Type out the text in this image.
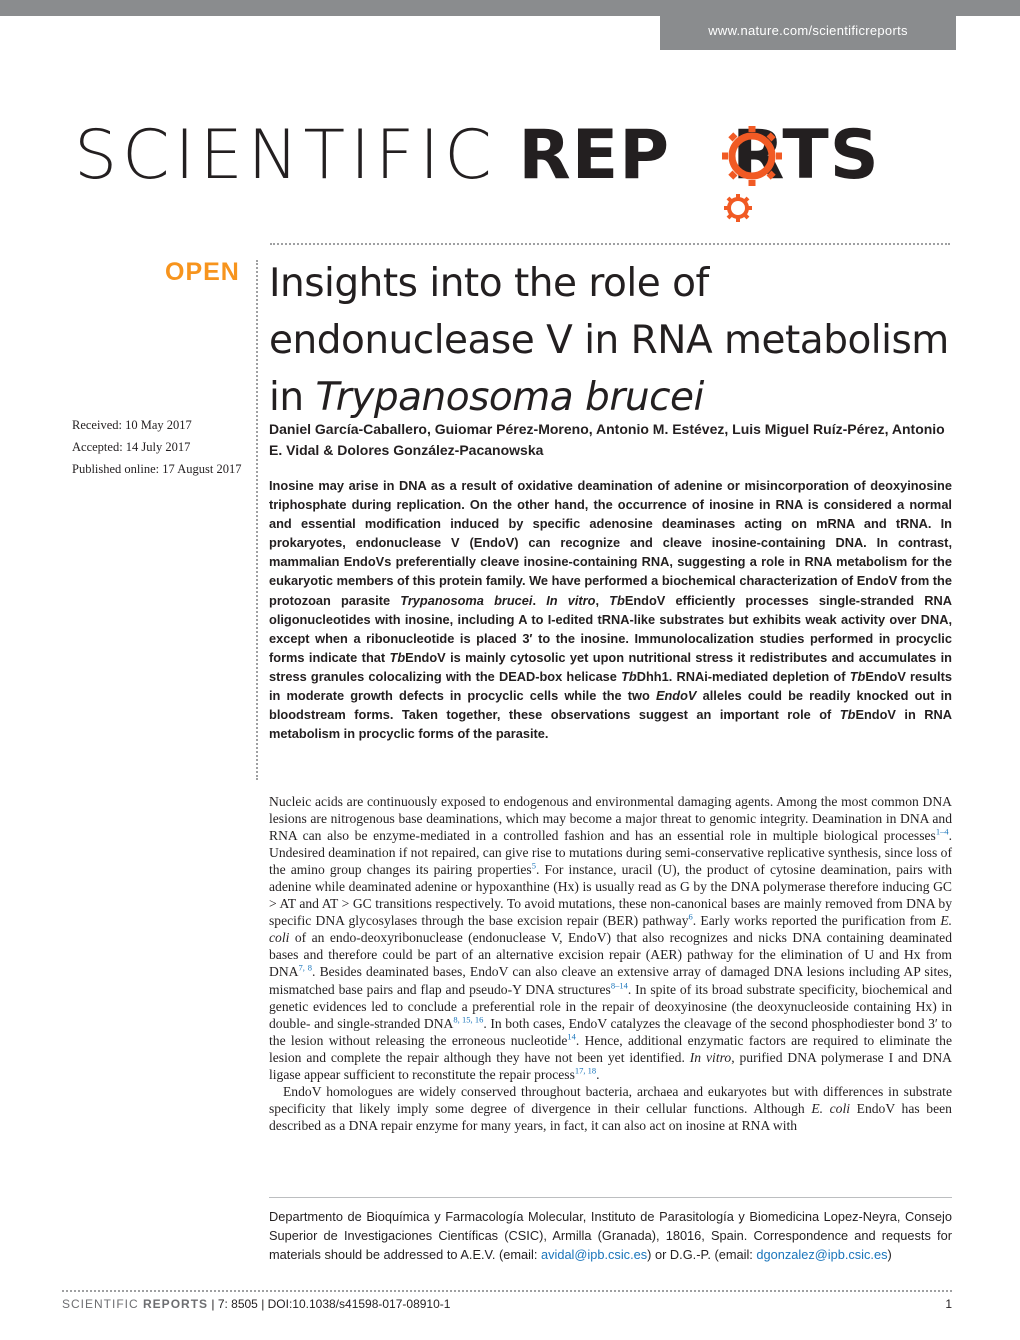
www.nature.com/scientificreports
SCIENTIFIC REP RTS
OPEN Insights into the role of
endonuclease V in RNA metabolism
in Trypanosoma brucei
Received: 10 May 2017
Accepted: 14 July 2017
Published online: 17 August 2017
Daniel García-Caballero, Guiomar Pérez-Moreno, Antonio M. Estévez, Luis Miguel Ruíz-Pérez, Antonio E. Vidal & Dolores González-Pacanowska
Inosine may arise in DNA as a result of oxidative deamination of adenine or misincorporation of deoxyinosine triphosphate during replication. On the other hand, the occurrence of inosine in RNA is considered a normal and essential modification induced by specific adenosine deaminases acting on mRNA and tRNA. In prokaryotes, endonuclease V (EndoV) can recognize and cleave inosine-containing DNA. In contrast, mammalian EndoVs preferentially cleave inosine-containing RNA, suggesting a role in RNA metabolism for the eukaryotic members of this protein family. We have performed a biochemical characterization of EndoV from the protozoan parasite Trypanosoma brucei. In vitro, TbEndoV efficiently processes single-stranded RNA oligonucleotides with inosine, including A to I-edited tRNA-like substrates but exhibits weak activity over DNA, except when a ribonucleotide is placed 3′ to the inosine. Immunolocalization studies performed in procyclic forms indicate that TbEndoV is mainly cytosolic yet upon nutritional stress it redistributes and accumulates in stress granules colocalizing with the DEAD-box helicase TbDhh1. RNAi-mediated depletion of TbEndoV results in moderate growth defects in procyclic cells while the two EndoV alleles could be readily knocked out in bloodstream forms. Taken together, these observations suggest an important role of TbEndoV in RNA metabolism in procyclic forms of the parasite.

Nucleic acids are continuously exposed to endogenous and environmental damaging agents. Among the most common DNA lesions are nitrogenous base deaminations, which may become a major threat to genomic integrity. Deamination in DNA and RNA can also be enzyme-mediated in a controlled fashion and has an essential role in multiple biological processes$^{1-4}$. Undesired deamination if not repaired, can give rise to mutations during semi-conservative replicative synthesis, since loss of the amino group changes its pairing properties$^5$. For instance, uracil (U), the product of cytosine deamination, pairs with adenine while deaminated adenine or hypoxanthine (Hx) is usually read as G by the DNA polymerase therefore inducing GC > AT and AT > GC transitions respectively. To avoid mutations, these non-canonical bases are mainly removed from DNA by specific DNA glycosylases through the base excision repair (BER) pathway$^6$. Early works reported the purification from E. coli of an endo-deoxyribonuclease (endonuclease V, EndoV) that also recognizes and nicks DNA containing deaminated bases and therefore could be part of an alternative excision repair (AER) pathway for the elimination of U and Hx from DNA$^{7, 8}$. Besides deaminated bases, EndoV can also cleave an extensive array of damaged DNA lesions including AP sites, mismatched base pairs and flap and pseudo-Y DNA structures$^{8-14}$. In spite of its broad substrate specificity, biochemical and genetic evidences led to conclude a preferential role in the repair of deoxyinosine (the deoxynucleoside containing Hx) in double- and single-stranded DNA$^{8, 15, 16}$. In both cases, EndoV catalyzes the cleavage of the second phosphodiester bond 3′ to the lesion without releasing the erroneous nucleotide$^{14}$. Hence, additional enzymatic factors are required to eliminate the lesion and complete the repair although they have not been yet identified. In vitro, purified DNA polymerase I and DNA ligase appear sufficient to reconstitute the repair process$^{17, 18}$.

EndoV homologues are widely conserved throughout bacteria, archaea and eukaryotes but with differences in substrate specificity that likely imply some degree of divergence in their cellular functions. Although E. coli EndoV has been described as a DNA repair enzyme for many years, in fact, it can also act on inosine at RNA with

Departmento de Bioquímica y Farmacología Molecular, Instituto de Parasitología y Biomedicina Lopez-Neyra, Consejo Superior de Investigaciones Científicas (CSIC), Armilla (Granada), 18016, Spain. Correspondence and requests for materials should be addressed to A.E.V. (email: avidal@ipb.csic.es) or D.G.-P. (email: dgonzalez@ipb.csic.es)
SCIENTIFIC REPORTS | 7: 8505 | DOI:10.1038/s41598-017-08910-1	1
